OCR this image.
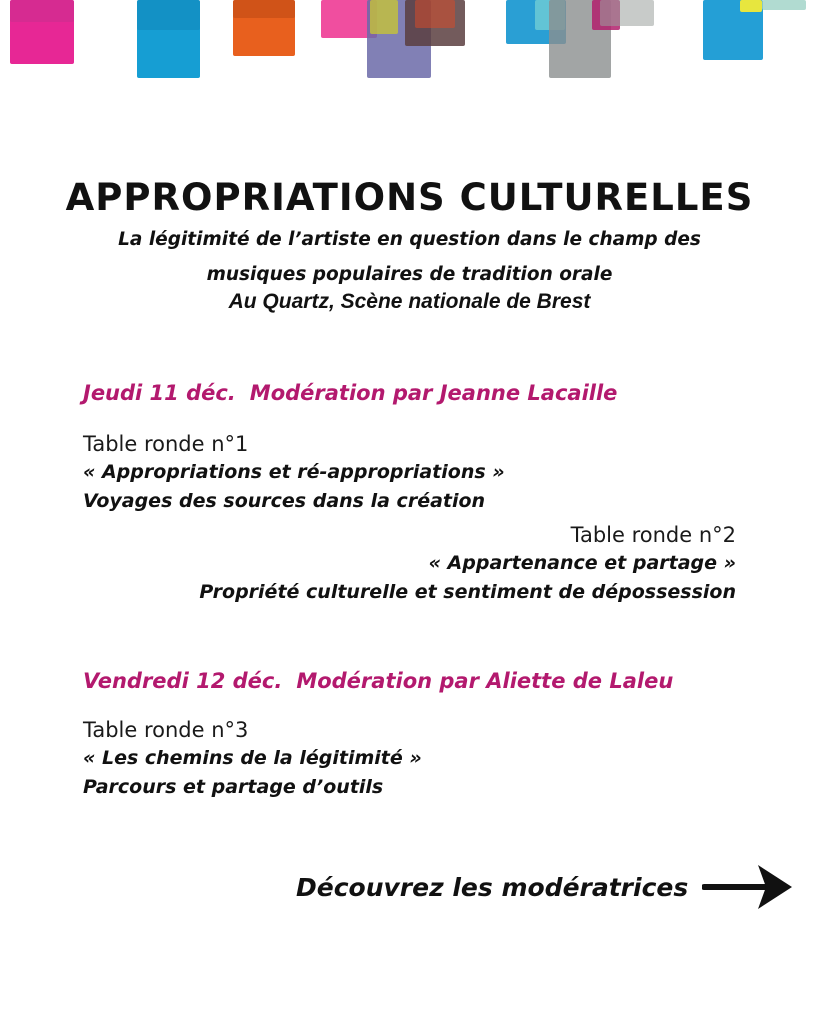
APPROPRIATIONS CULTURELLES

La légitimité de l’artiste en question dans le champ des
musiques populaires de tradition orale

Au Quartz, Scène nationale de Brest

Jeudi 11 déc. Modération par Jeanne Lacaille

Table ronde n°1
« Appropriations et ré-appropriations »
Voyages des sources dans la création
Table ronde n°2
« Appartenance et partage »
Propriété culturelle et sentiment de dépossession

Vendredi 12 déc. Modération par Aliette de Laleu

Table ronde n°3
« Les chemins de la légitimité »
Parcours et partage d’outils
Découvrez les modératrices
